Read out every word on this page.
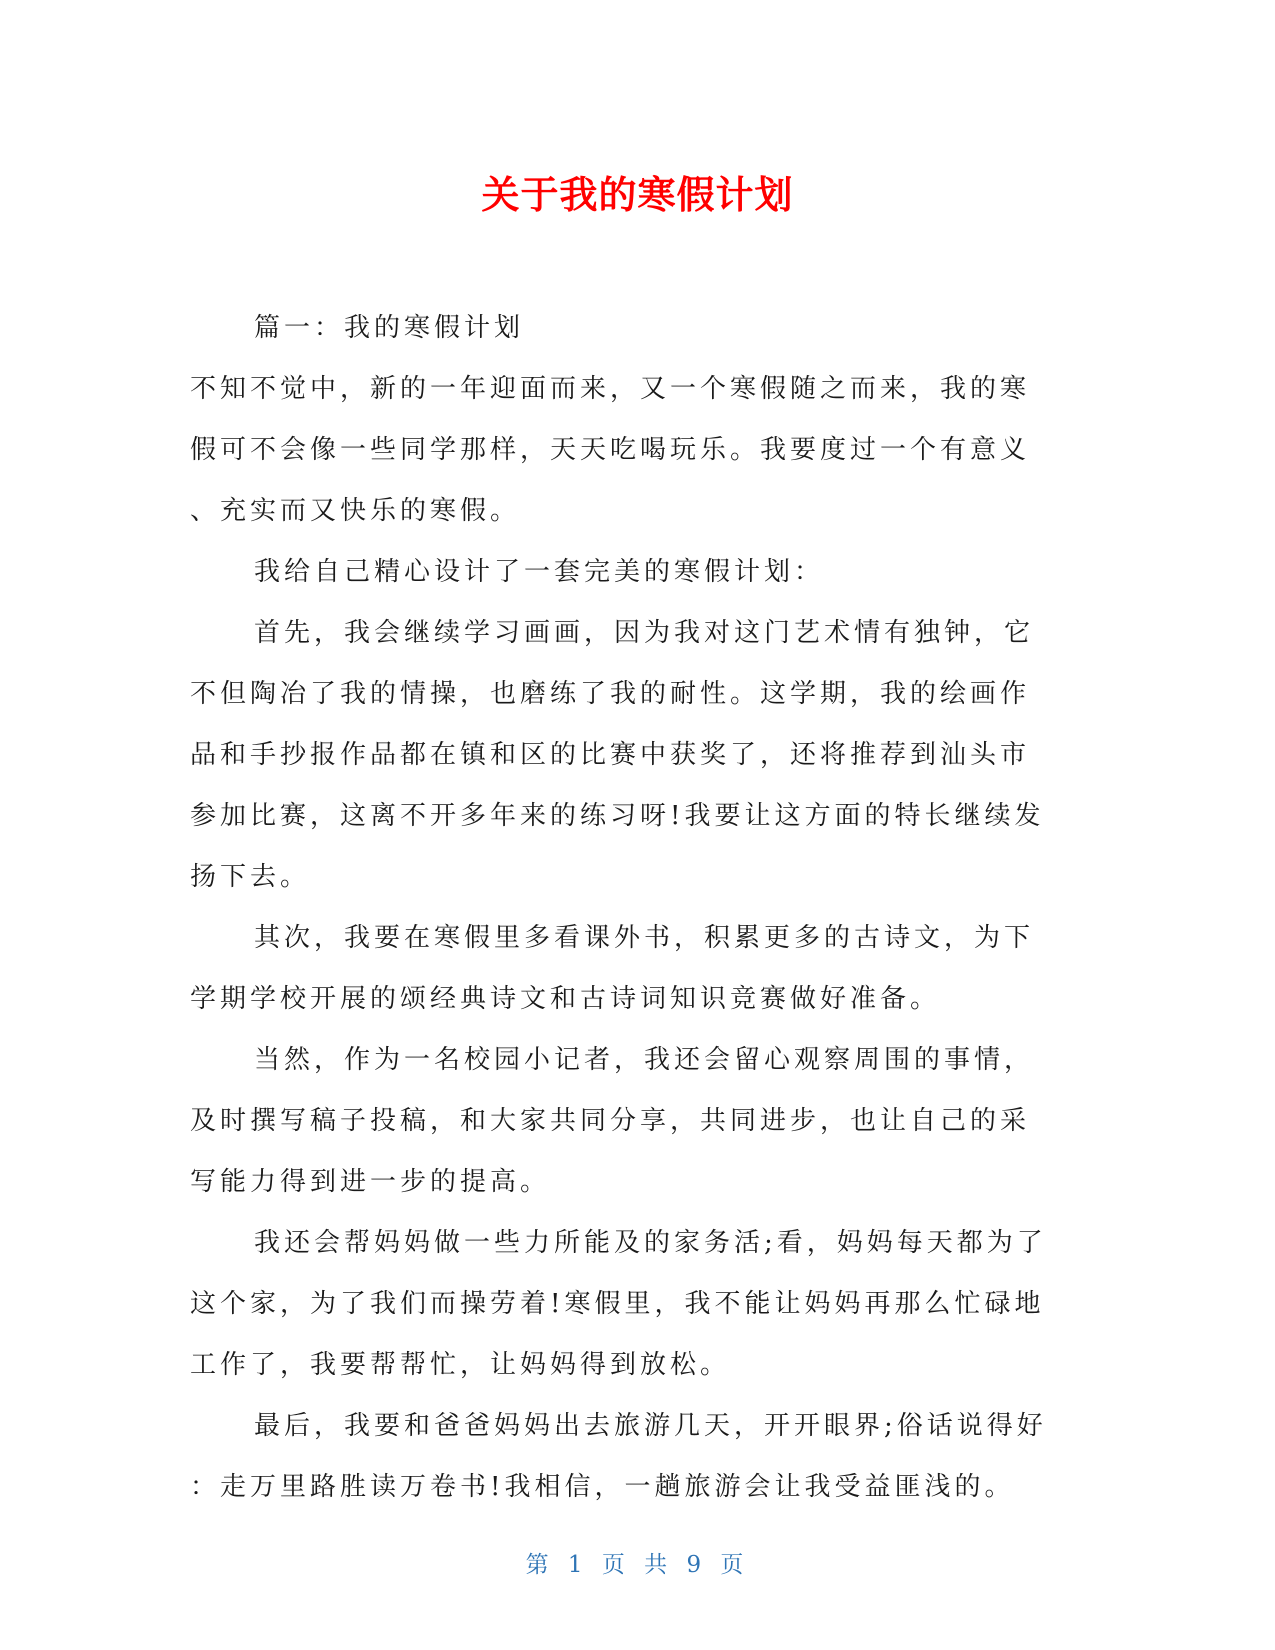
关于我的寒假计划
篇一：我的寒假计划
不知不觉中，新的一年迎面而来，又一个寒假随之而来，我的寒
假可不会像一些同学那样，天天吃喝玩乐。我要度过一个有意义
、充实而又快乐的寒假。
我给自己精心设计了一套完美的寒假计划：
首先，我会继续学习画画，因为我对这门艺术情有独钟，它
不但陶冶了我的情操，也磨练了我的耐性。这学期，我的绘画作
品和手抄报作品都在镇和区的比赛中获奖了，还将推荐到汕头市
参加比赛，这离不开多年来的练习呀!我要让这方面的特长继续发
扬下去。
其次，我要在寒假里多看课外书，积累更多的古诗文，为下
学期学校开展的颂经典诗文和古诗词知识竞赛做好准备。
当然，作为一名校园小记者，我还会留心观察周围的事情，
及时撰写稿子投稿，和大家共同分享，共同进步，也让自己的采
写能力得到进一步的提高。
我还会帮妈妈做一些力所能及的家务活;看，妈妈每天都为了
这个家，为了我们而操劳着!寒假里，我不能让妈妈再那么忙碌地
工作了，我要帮帮忙，让妈妈得到放松。
最后，我要和爸爸妈妈出去旅游几天，开开眼界;俗话说得好
：走万里路胜读万卷书!我相信，一趟旅游会让我受益匪浅的。
第 1 页 共 9 页
